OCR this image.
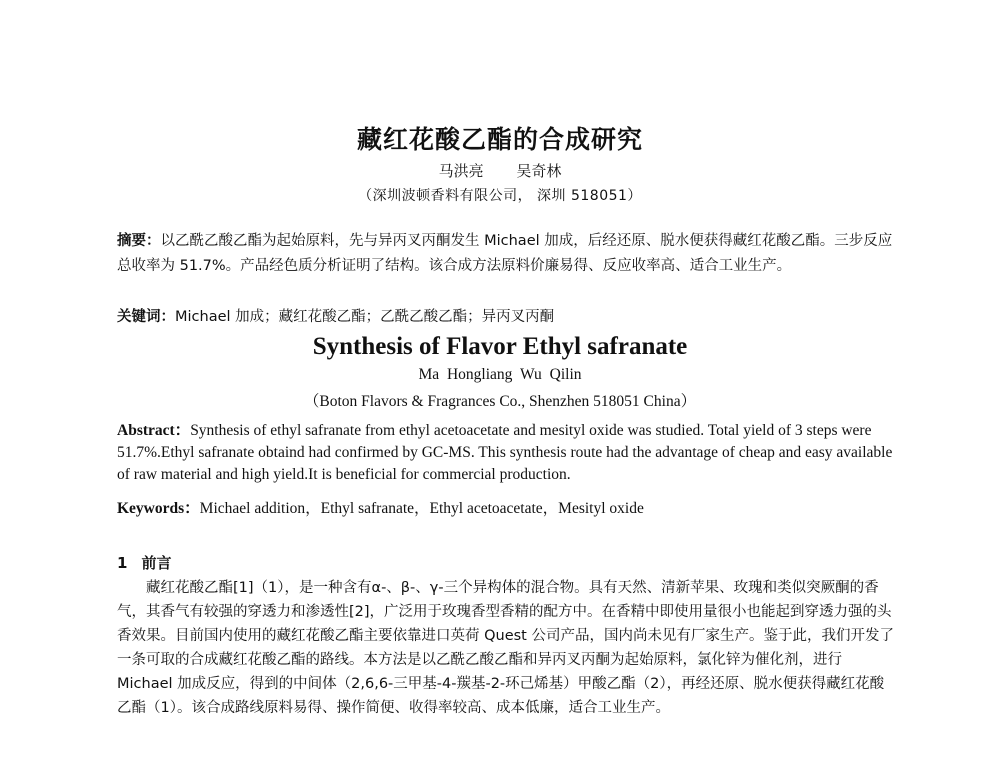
藏红花酸乙酯的合成研究
马洪亮 吴奇林
（深圳波顿香料有限公司， 深圳 518051）
摘要：以乙酰乙酸乙酯为起始原料，先与异丙叉丙酮发生 Michael 加成，后经还原、脱水便获得藏红花酸乙酯。三步反应总收率为 51.7%。产品经色质分析证明了结构。该合成方法原料价廉易得、反应收率高、适合工业生产。
关键词：Michael 加成；藏红花酸乙酯；乙酰乙酸乙酯；异丙叉丙酮
Synthesis of Flavor Ethyl safranate
Ma Hongliang Wu Qilin
（Boton Flavors & Fragrances Co., Shenzhen 518051 China）
Abstract：Synthesis of ethyl safranate from ethyl acetoacetate and mesityl oxide was studied. Total yield of 3 steps were 51.7%.Ethyl safranate obtaind had confirmed by GC-MS. This synthesis route had the advantage of cheap and easy available of raw material and high yield.It is beneficial for commercial production.
Keywords：Michael addition，Ethyl safranate，Ethyl acetoacetate，Mesityl oxide
1 前言
藏红花酸乙酯[1]（1），是一种含有α-、β-、γ-三个异构体的混合物。具有天然、清新苹果、玫瑰和类似突厥酮的香气，其香气有较强的穿透力和渗透性[2]，广泛用于玫瑰香型香精的配方中。在香精中即使用量很小也能起到穿透力强的头香效果。目前国内使用的藏红花酸乙酯主要依靠进口英荷 Quest 公司产品，国内尚未见有厂家生产。鉴于此，我们开发了一条可取的合成藏红花酸乙酯的路线。本方法是以乙酰乙酸乙酯和异丙叉丙酮为起始原料，氯化锌为催化剂，进行 Michael 加成反应，得到的中间体（2,6,6-三甲基-4-羰基-2-环己烯基）甲酸乙酯（2），再经还原、脱水便获得藏红花酸乙酯（1）。该合成路线原料易得、操作简便、收得率较高、成本低廉，适合工业生产。
